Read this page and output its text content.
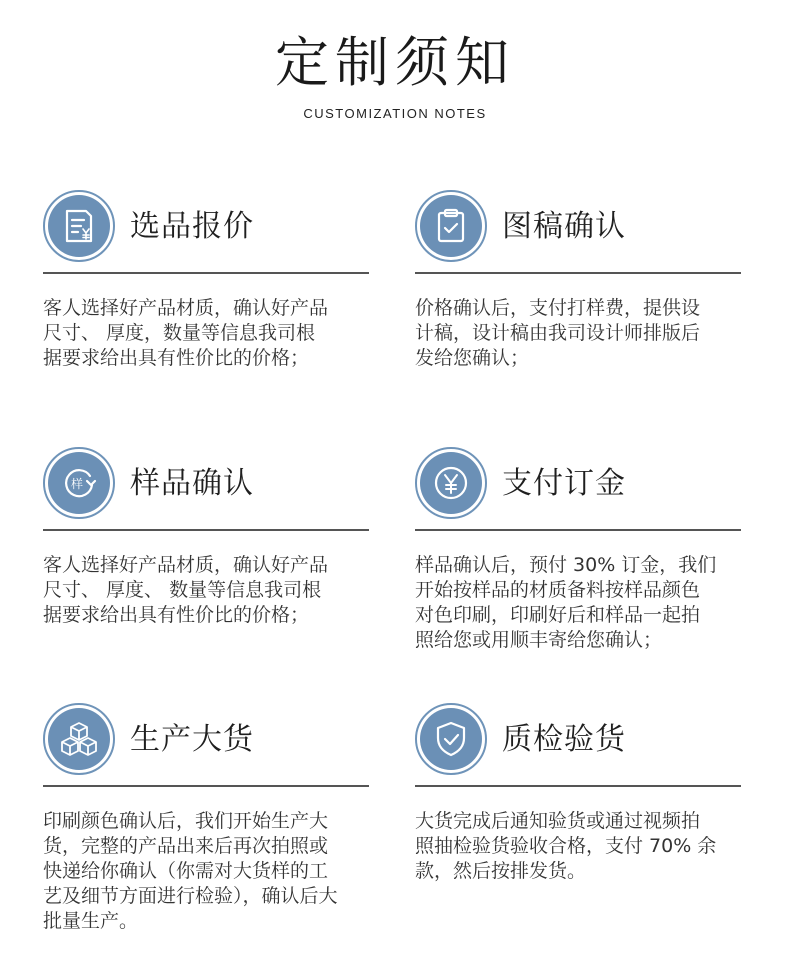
定制须知
CUSTOMIZATION NOTES
选品报价
客人选择好产品材质，确认好产品
尺寸、 厚度，数量等信息我司根
据要求给出具有性价比的价格；
图稿确认
价格确认后，支付打样费，提供设
计稿，设计稿由我司设计师排版后
发给您确认；
样 样品确认
客人选择好产品材质，确认好产品
尺寸、 厚度、 数量等信息我司根
据要求给出具有性价比的价格；
支付订金
样品确认后，预付 30% 订金，我们
开始按样品的材质备料按样品颜色
对色印刷，印刷好后和样品一起拍
照给您或用顺丰寄给您确认；
生产大货
印刷颜色确认后，我们开始生产大
货，完整的产品出来后再次拍照或
快递给你确认（你需对大货样的工
艺及细节方面进行检验），确认后大
批量生产。
质检验货
大货完成后通知验货或通过视频拍
照抽检验货验收合格，支付 70% 余
款，然后按排发货。
